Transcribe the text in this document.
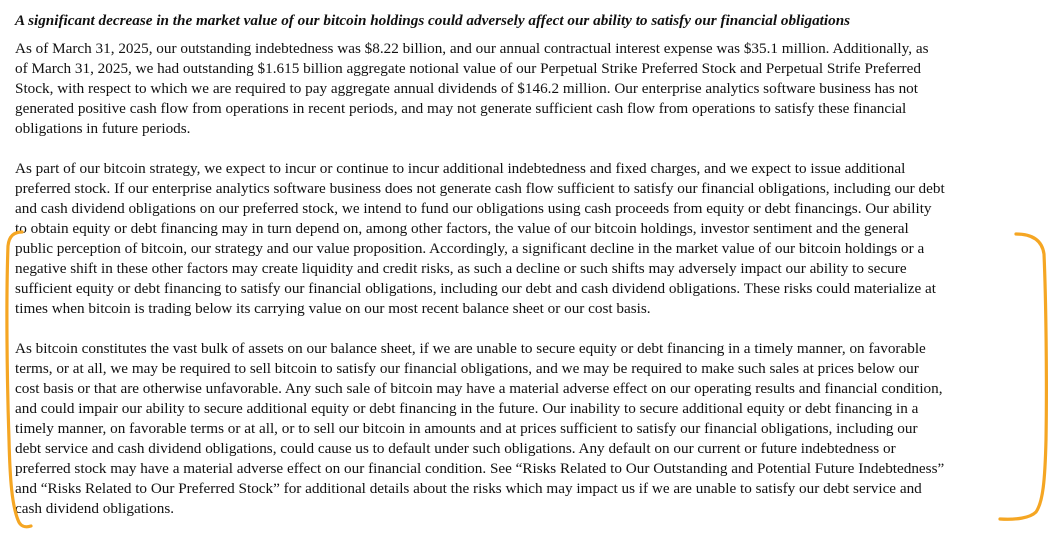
A significant decrease in the market value of our bitcoin holdings could adversely affect our ability to satisfy our financial obligations
As of March 31, 2025, our outstanding indebtedness was $8.22 billion, and our annual contractual interest expense was $35.1 million. Additionally, as
of March 31, 2025, we had outstanding $1.615 billion aggregate notional value of our Perpetual Strike Preferred Stock and Perpetual Strife Preferred
Stock, with respect to which we are required to pay aggregate annual dividends of $146.2 million. Our enterprise analytics software business has not
generated positive cash flow from operations in recent periods, and may not generate sufficient cash flow from operations to satisfy these financial
obligations in future periods.
As part of our bitcoin strategy, we expect to incur or continue to incur additional indebtedness and fixed charges, and we expect to issue additional
preferred stock. If our enterprise analytics software business does not generate cash flow sufficient to satisfy our financial obligations, including our debt
and cash dividend obligations on our preferred stock, we intend to fund our obligations using cash proceeds from equity or debt financings. Our ability
to obtain equity or debt financing may in turn depend on, among other factors, the value of our bitcoin holdings, investor sentiment and the general
public perception of bitcoin, our strategy and our value proposition. Accordingly, a significant decline in the market value of our bitcoin holdings or a
negative shift in these other factors may create liquidity and credit risks, as such a decline or such shifts may adversely impact our ability to secure
sufficient equity or debt financing to satisfy our financial obligations, including our debt and cash dividend obligations. These risks could materialize at
times when bitcoin is trading below its carrying value on our most recent balance sheet or our cost basis.
As bitcoin constitutes the vast bulk of assets on our balance sheet, if we are unable to secure equity or debt financing in a timely manner, on favorable
terms, or at all, we may be required to sell bitcoin to satisfy our financial obligations, and we may be required to make such sales at prices below our
cost basis or that are otherwise unfavorable. Any such sale of bitcoin may have a material adverse effect on our operating results and financial condition,
and could impair our ability to secure additional equity or debt financing in the future. Our inability to secure additional equity or debt financing in a
timely manner, on favorable terms or at all, or to sell our bitcoin in amounts and at prices sufficient to satisfy our financial obligations, including our
debt service and cash dividend obligations, could cause us to default under such obligations. Any default on our current or future indebtedness or
preferred stock may have a material adverse effect on our financial condition. See “Risks Related to Our Outstanding and Potential Future Indebtedness”
and “Risks Related to Our Preferred Stock” for additional details about the risks which may impact us if we are unable to satisfy our debt service and
cash dividend obligations.
